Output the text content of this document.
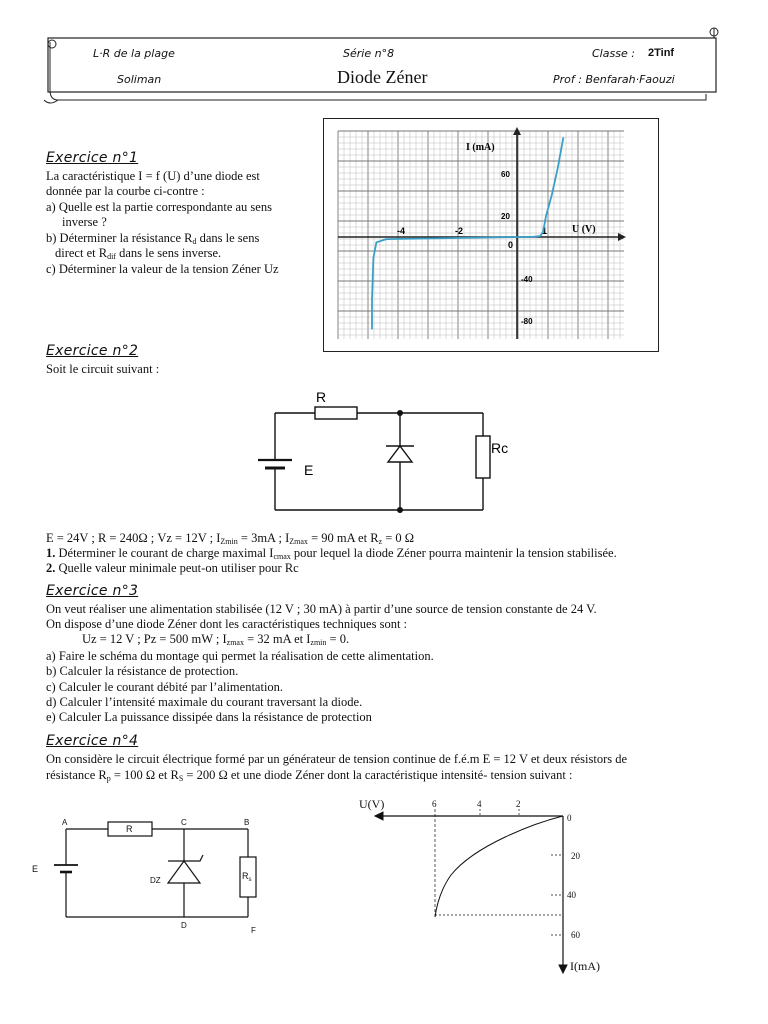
L·R de la plage
Soliman
Série n°8
Diode Zéner
Classe : 2Tinf
Prof : Benfarah·Faouzi
Exercice n°1
La caractéristique I = f (U) d’une diode est
donnée par la courbe ci-contre :
a) Quelle est la partie correspondante au sens
inverse ?
b) Déterminer la résistance $R_d$ dans le sens
direct et $R_{dif}$ dans le sens inverse.
c) Déterminer la valeur de la tension Zéner Uz
I (mA)
U (V)
-4	-2
0
1
60
20
-40
-80
Exercice n°2
Soit le circuit suivant :
R
E
Rc
E = 24V ; R = 240Ω ; Vz = 12V ; $I_{Zmin} = 3mA$ ; $I_{Zmax} = 90$ mA et $R_z = 0$ Ω
1. Déterminer le courant de charge maximal $I_{cmax}$ pour lequel la diode Zéner pourra maintenir la tension stabilisée.
2. Quelle valeur minimale peut-on utiliser pour Rc
Exercice n°3
On veut réaliser une alimentation stabilisée (12 V ; 30 mA) à partir d’une source de tension constante de 24 V.
On dispose d’une diode Zéner dont les caractéristiques techniques sont :
Uz = 12 V ; Pz = 500 mW ; $I_{zmax} = 32$ mA et $I_{zmin} = 0$.
a) Faire le schéma du montage qui permet la réalisation de cette alimentation.
b) Calculer la résistance de protection.
c) Calculer le courant débité par l’alimentation.
d) Calculer l’intensité maximale du courant traversant la diode.
e) Calculer La puissance dissipée dans la résistance de protection
Exercice n°4
On considère le circuit électrique formé par un générateur de tension continue de f.é.m E = 12 V et deux résistors de
résistance $R_p = 100$ Ω et $R_S = 200$ Ω et une diode Zéner dont la caractéristique intensité- tension suivant :
A	C	B
R
DZ
D
F
E
$R_s$
U(V)
I(mA)
6	4	2
0
20
40
60
